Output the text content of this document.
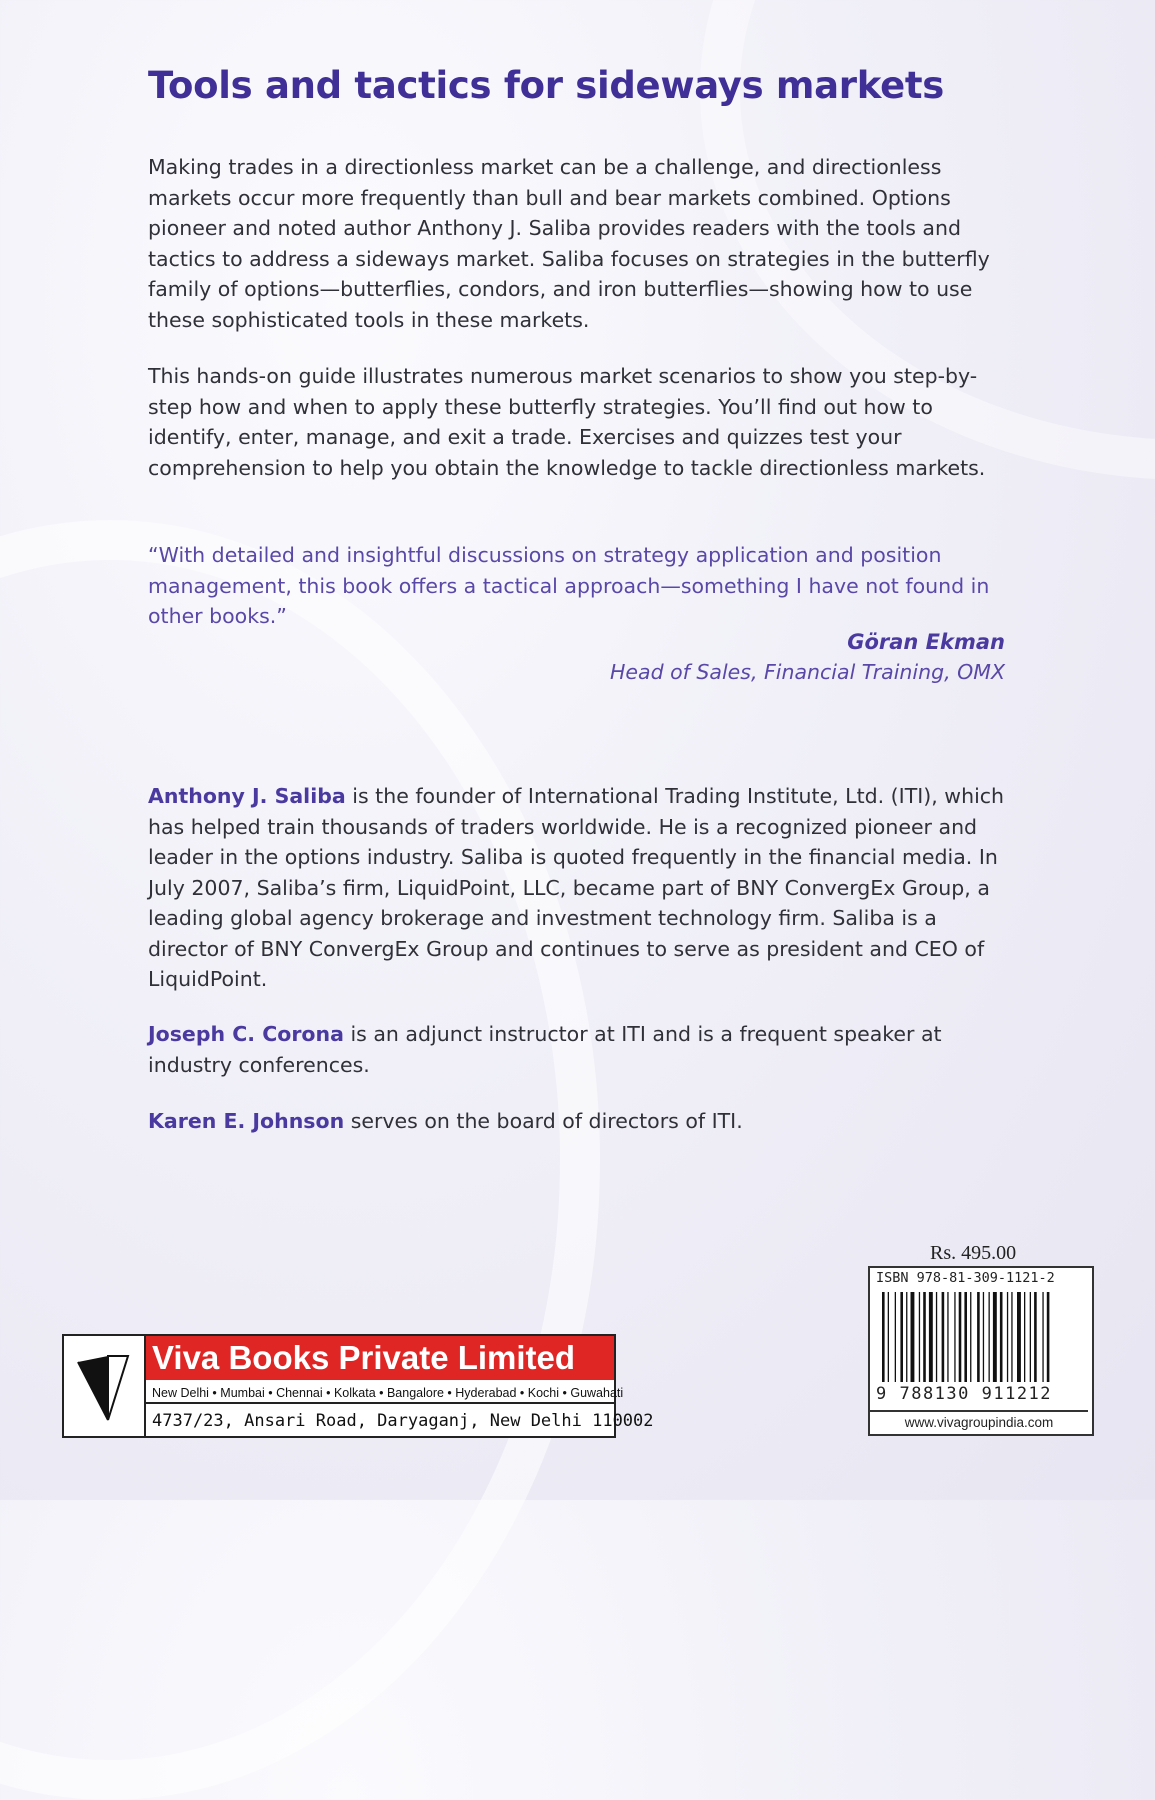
Tools and tactics for sideways markets

Making trades in a directionless market can be a challenge, and directionless
markets occur more frequently than bull and bear markets combined. Options
pioneer and noted author Anthony J. Saliba provides readers with the tools and
tactics to address a sideways market. Saliba focuses on strategies in the butterfly
family of options—butterflies, condors, and iron butterflies—showing how to use
these sophisticated tools in these markets.

This hands-on guide illustrates numerous market scenarios to show you step-by-
step how and when to apply these butterfly strategies. You’ll find out how to
identify, enter, manage, and exit a trade. Exercises and quizzes test your
comprehension to help you obtain the knowledge to tackle directionless markets.

“With detailed and insightful discussions on strategy application and position
management, this book offers a tactical approach—something I have not found in
other books.”

Göran Ekman

Head of Sales, Financial Training, OMX

Anthony J. Saliba is the founder of International Trading Institute, Ltd. (ITI), which
has helped train thousands of traders worldwide. He is a recognized pioneer and
leader in the options industry. Saliba is quoted frequently in the financial media. In
July 2007, Saliba’s firm, LiquidPoint, LLC, became part of BNY ConvergEx Group, a
leading global agency brokerage and investment technology firm. Saliba is a
director of BNY ConvergEx Group and continues to serve as president and CEO of
LiquidPoint.

Joseph C. Corona is an adjunct instructor at ITI and is a frequent speaker at
industry conferences.

Karen E. Johnson serves on the board of directors of ITI.

Viva Books Private Limited
New Delhi • Mumbai • Chennai • Kolkata • Bangalore • Hyderabad • Kochi • Guwahati
4737/23, Ansari Road, Daryaganj, New Delhi 110002

Rs. 495.00

ISBN 978-81-309-1121-2
9 788130 911212
www.vivagroupindia.com
